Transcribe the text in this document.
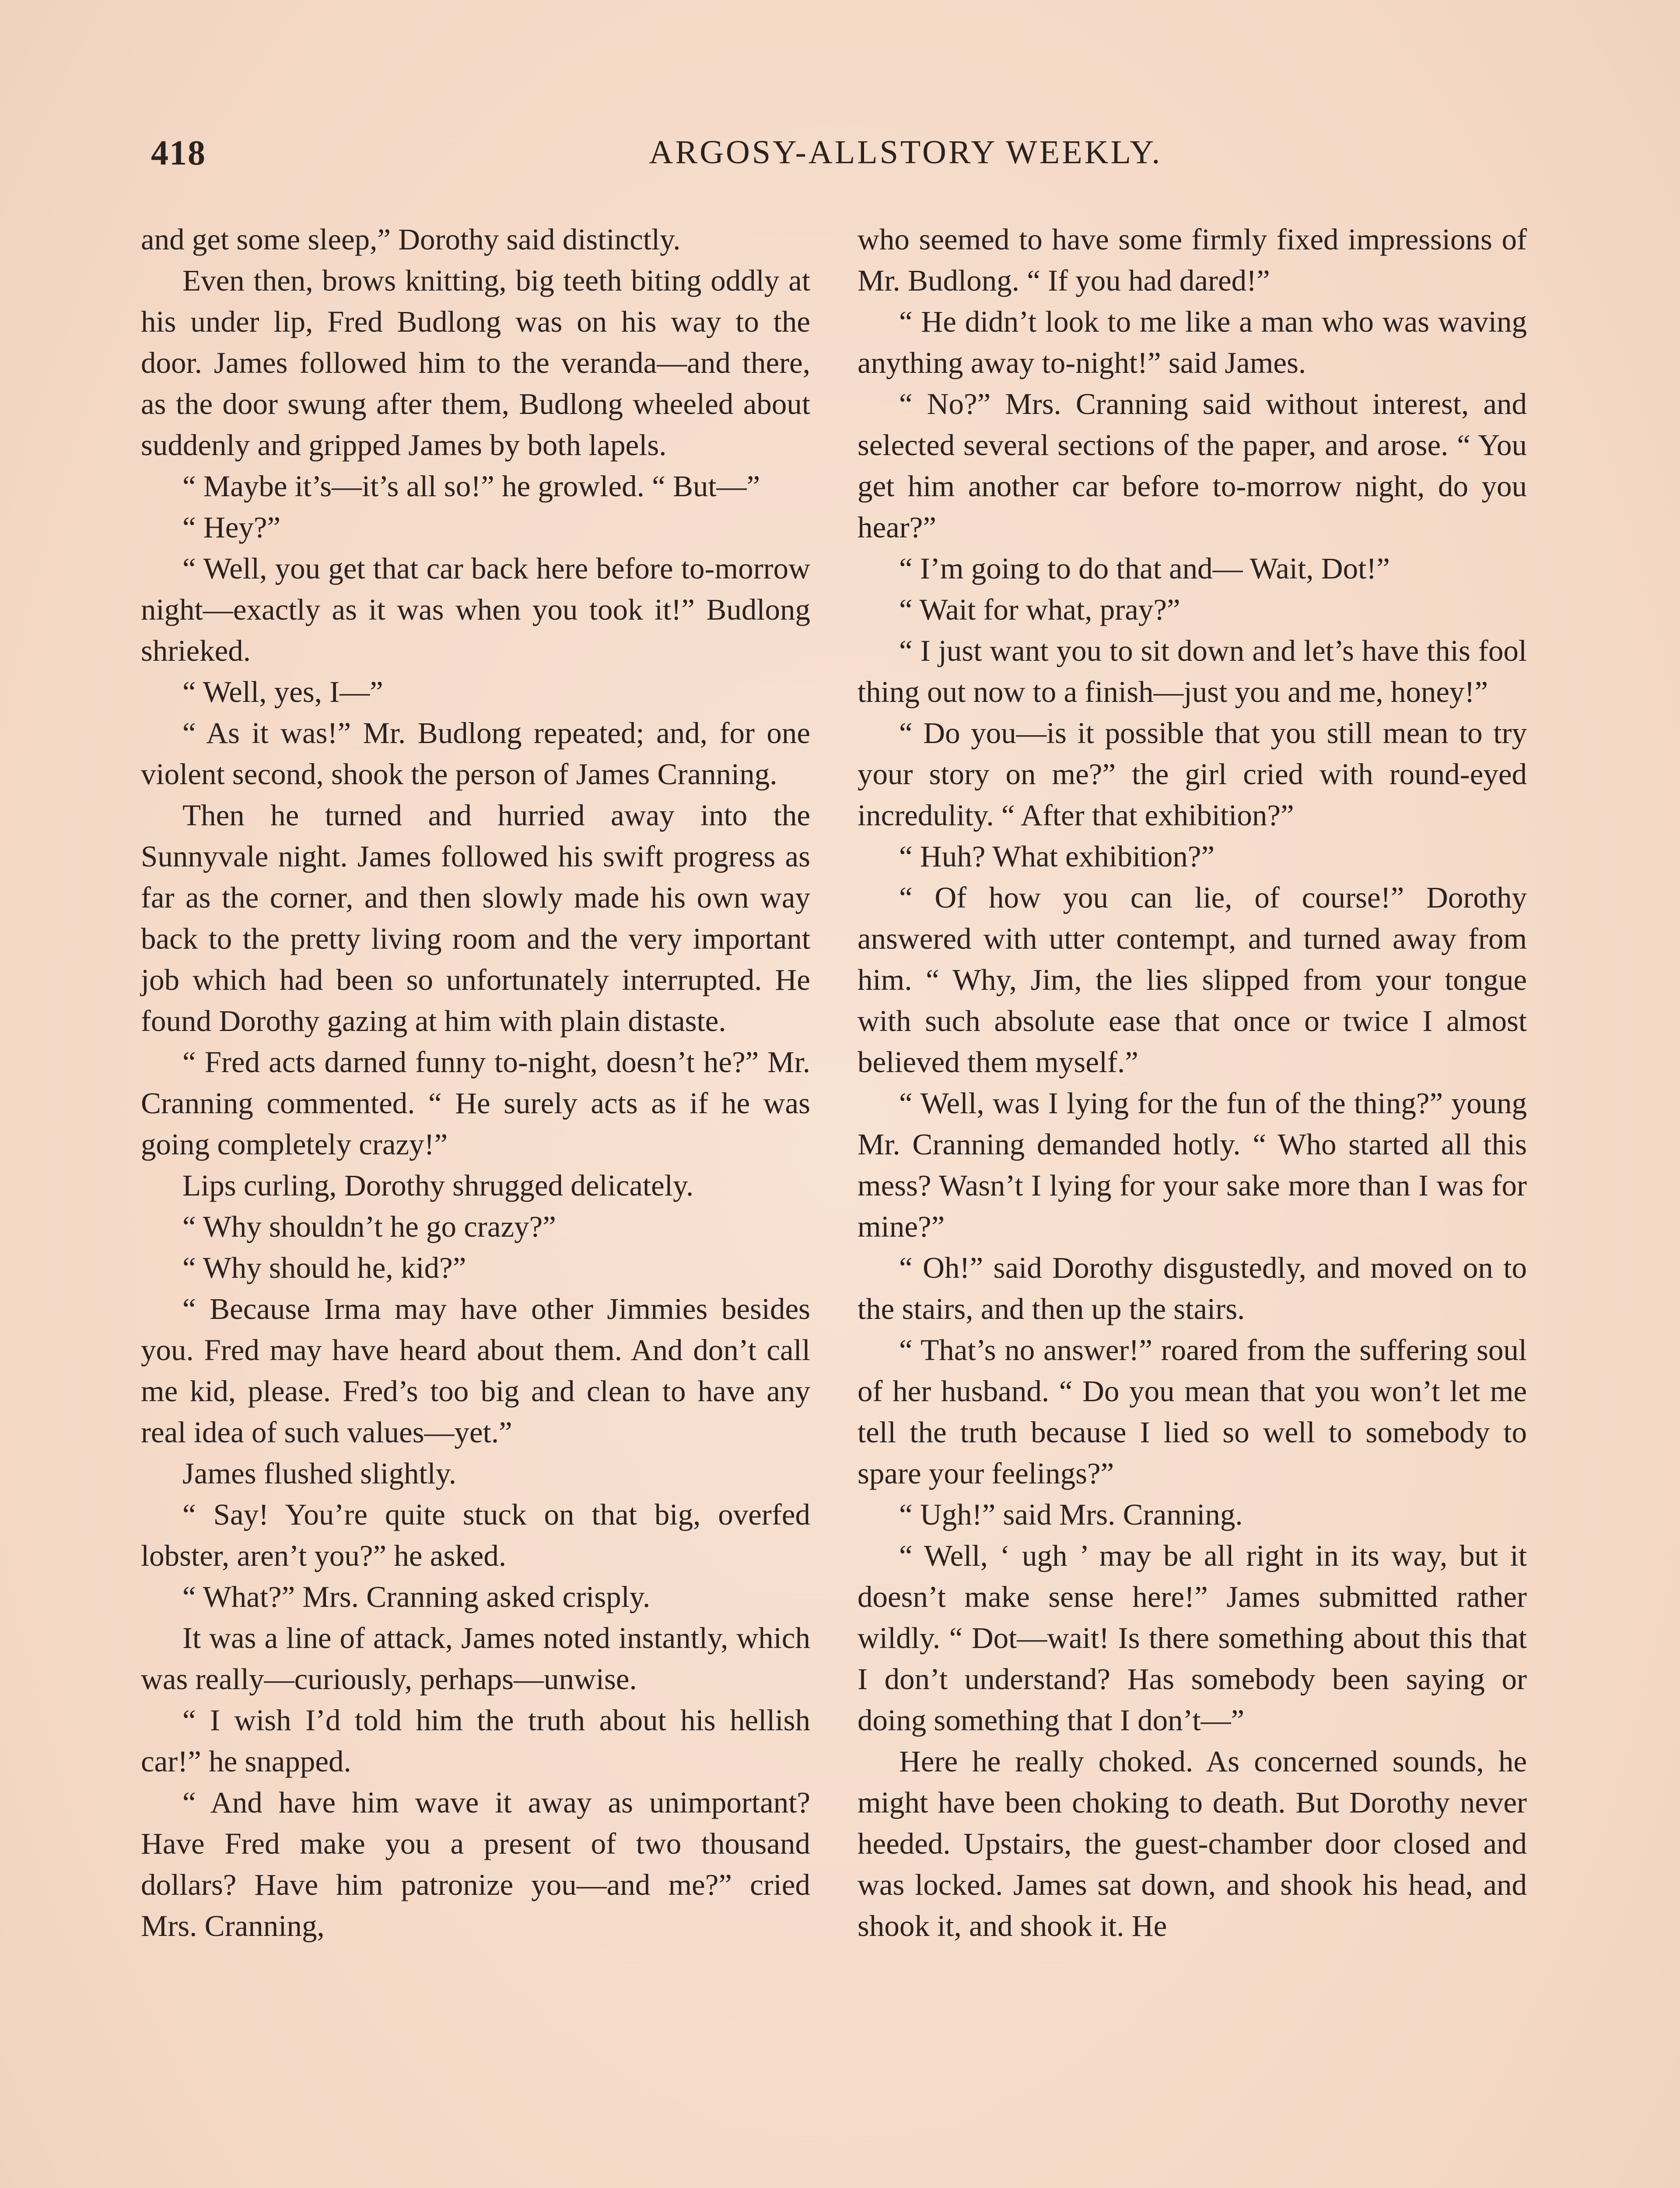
418	ARGOSY-ALLSTORY WEEKLY.

and get some sleep,” Dorothy said distinctly.

Even then, brows knitting, big teeth biting oddly at his under lip, Fred Budlong was on his way to the door. James followed him to the veranda—and there, as the door swung after them, Budlong wheeled about suddenly and gripped James by both lapels.

“ Maybe it’s—it’s all so!” he growled. “ But—”

“ Hey?”

“ Well, you get that car back here before to-morrow night—exactly as it was when you took it!” Budlong shrieked.

“ Well, yes, I—”

“ As it was!” Mr. Budlong repeated; and, for one violent second, shook the person of James Cranning.

Then he turned and hurried away into the Sunnyvale night. James followed his swift progress as far as the corner, and then slowly made his own way back to the pretty living room and the very important job which had been so unfortunately interrupted. He found Dorothy gazing at him with plain distaste.

“ Fred acts darned funny to-night, doesn’t he?” Mr. Cranning commented. “ He surely acts as if he was going completely crazy!”

Lips curling, Dorothy shrugged delicately.

“ Why shouldn’t he go crazy?”

“ Why should he, kid?”

“ Because Irma may have other Jimmies besides you. Fred may have heard about them. And don’t call me kid, please. Fred’s too big and clean to have any real idea of such values—yet.”

James flushed slightly.

“ Say! You’re quite stuck on that big, overfed lobster, aren’t you?” he asked.

“ What?” Mrs. Cranning asked crisply.

It was a line of attack, James noted instantly, which was really—curiously, perhaps—unwise.

“ I wish I’d told him the truth about his hellish car!” he snapped.

“ And have him wave it away as unimportant? Have Fred make you a present of two thousand dollars? Have him patronize you—and me?” cried Mrs. Cranning,

who seemed to have some firmly fixed impressions of Mr. Budlong. “ If you had dared!”

“ He didn’t look to me like a man who was waving anything away to-night!” said James.

“ No?” Mrs. Cranning said without interest, and selected several sections of the paper, and arose. “ You get him another car before to-morrow night, do you hear?”

“ I’m going to do that and— Wait, Dot!”

“ Wait for what, pray?”

“ I just want you to sit down and let’s have this fool thing out now to a finish—just you and me, honey!”

“ Do you—is it possible that you still mean to try your story on me?” the girl cried with round-eyed incredulity. “ After that exhibition?”

“ Huh? What exhibition?”

“ Of how you can lie, of course!” Dorothy answered with utter contempt, and turned away from him. “ Why, Jim, the lies slipped from your tongue with such absolute ease that once or twice I almost believed them myself.”

“ Well, was I lying for the fun of the thing?” young Mr. Cranning demanded hotly. “ Who started all this mess? Wasn’t I lying for your sake more than I was for mine?”

“ Oh!” said Dorothy disgustedly, and moved on to the stairs, and then up the stairs.

“ That’s no answer!” roared from the suffering soul of her husband. “ Do you mean that you won’t let me tell the truth because I lied so well to somebody to spare your feelings?”

“ Ugh!” said Mrs. Cranning.

“ Well, ‘ ugh ’ may be all right in its way, but it doesn’t make sense here!” James submitted rather wildly. “ Dot—wait! Is there something about this that I don’t understand? Has somebody been saying or doing something that I don’t—”

Here he really choked. As concerned sounds, he might have been choking to death. But Dorothy never heeded. Upstairs, the guest-chamber door closed and was locked. James sat down, and shook his head, and shook it, and shook it. He
